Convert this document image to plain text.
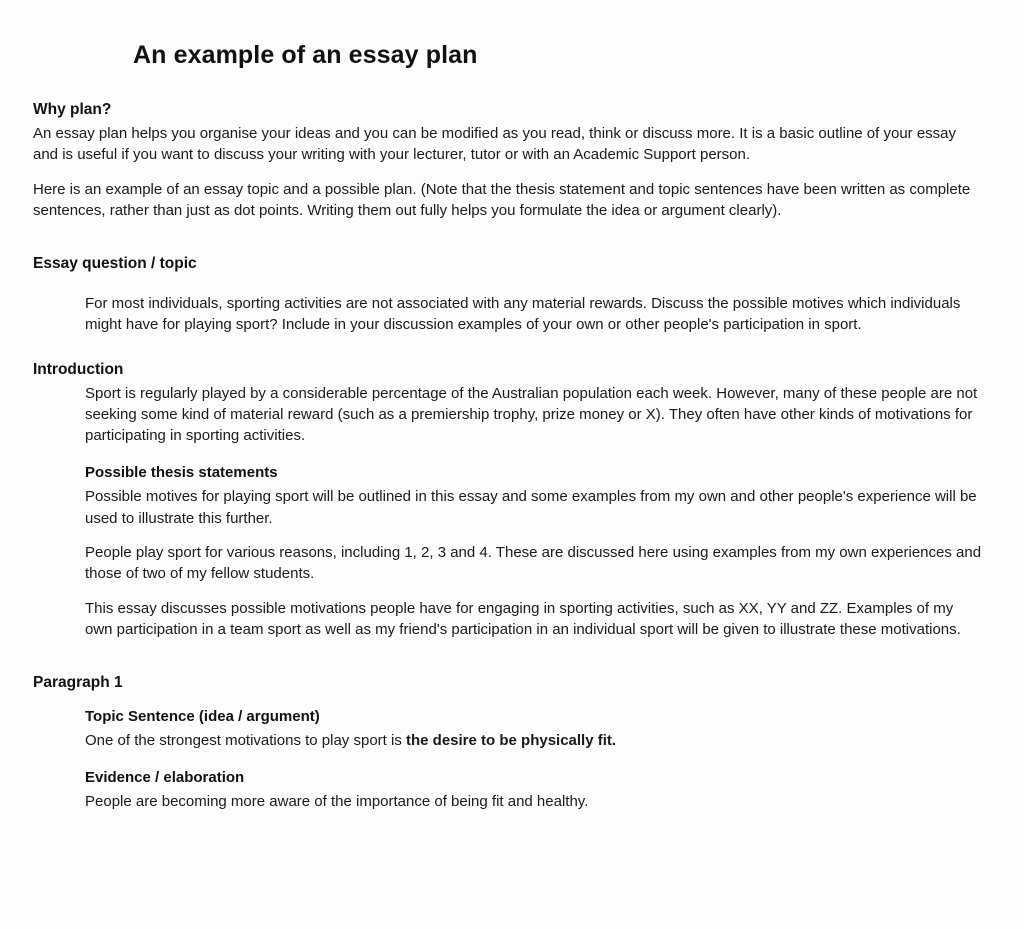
An example of an essay plan
Why plan?

An essay plan helps you organise your ideas and you can be modified as you read, think or discuss more. It is a basic outline of your essay and is useful if you want to discuss your writing with your lecturer, tutor or with an Academic Support person.

Here is an example of an essay topic and a possible plan. (Note that the thesis statement and topic sentences have been written as complete sentences, rather than just as dot points. Writing them out fully helps you formulate the idea or argument clearly).

Essay question / topic

For most individuals, sporting activities are not associated with any material rewards. Discuss the possible motives which individuals might have for playing sport? Include in your discussion examples of your own or other people's participation in sport.

Introduction

Sport is regularly played by a considerable percentage of the Australian population each week. However, many of these people are not seeking some kind of material reward (such as a premiership trophy, prize money or X). They often have other kinds of motivations for participating in sporting activities.

Possible thesis statements

Possible motives for playing sport will be outlined in this essay and some examples from my own and other people's experience will be used to illustrate this further.

People play sport for various reasons, including 1, 2, 3 and 4. These are discussed here using examples from my own experiences and those of two of my fellow students.

This essay discusses possible motivations people have for engaging in sporting activities, such as XX, YY and ZZ. Examples of my own participation in a team sport as well as my friend's participation in an individual sport will be given to illustrate these motivations.

Paragraph 1
Topic Sentence (idea / argument)

One of the strongest motivations to play sport is the desire to be physically fit.

Evidence / elaboration

People are becoming more aware of the importance of being fit and healthy.
